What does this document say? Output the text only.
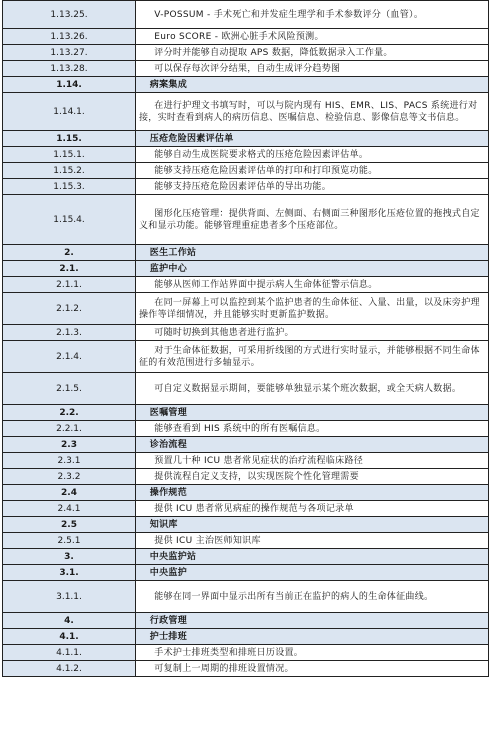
1.13.25.	V-POSSUM - 手术死亡和并发症生理学和手术参数评分（血管）。

1.13.26.	Euro SCORE - 欧洲心脏手术风险预测。

1.13.27.	评分时并能够自动提取 APS 数据，降低数据录入工作量。

1.13.28.	可以保存每次评分结果，自动生成评分趋势图

1.14.	病案集成

1.14.1.	在进行护理文书填写时，可以与院内现有 HIS、EMR、LIS、PACS 系统进行对接，实时查看到病人的病历信息、医嘱信息、检验信息、影像信息等文书信息。

1.15.	压疮危险因素评估单

1.15.1.	能够自动生成医院要求格式的压疮危险因素评估单。

1.15.2.	能够支持压疮危险因素评估单的打印和打印预览功能。

1.15.3.	能够支持压疮危险因素评估单的导出功能。

1.15.4.	图形化压疮管理：提供背面、左侧面、右侧面三种图形化压疮位置的拖拽式自定义和显示功能。能够管理重症患者多个压疮部位。

2.	医生工作站

2.1.	监护中心

2.1.1.	能够从医师工作站界面中提示病人生命体征警示信息。

2.1.2.	在同一屏幕上可以监控到某个监护患者的生命体征、入量、出量，以及床旁护理操作等详细情况，并且能够实时更新监护数据。

2.1.3.	可随时切换到其他患者进行监护。

2.1.4.	对于生命体征数据，可采用折线图的方式进行实时显示，并能够根据不同生命体征的有效范围进行多轴显示。

2.1.5.	可自定义数据显示期间，要能够单独显示某个班次数据，或全天病人数据。

2.2.	医嘱管理

2.2.1.	能够查看到 HIS 系统中的所有医嘱信息。

2.3	诊治流程

2.3.1	预置几十种 ICU 患者常见症状的治疗流程临床路径

2.3.2	提供流程自定义支持，以实现医院个性化管理需要

2.4	操作规范

2.4.1	提供 ICU 患者常见病症的操作规范与各项记录单

2.5	知识库

2.5.1	提供 ICU 主治医师知识库

3.	中央监护站

3.1.	中央监护

3.1.1.	能够在同一界面中显示出所有当前正在监护的病人的生命体征曲线。

4.	行政管理

4.1.	护士排班

4.1.1.	手术护士排班类型和排班日历设置。

4.1.2.	可复制上一周期的排班设置情况。
